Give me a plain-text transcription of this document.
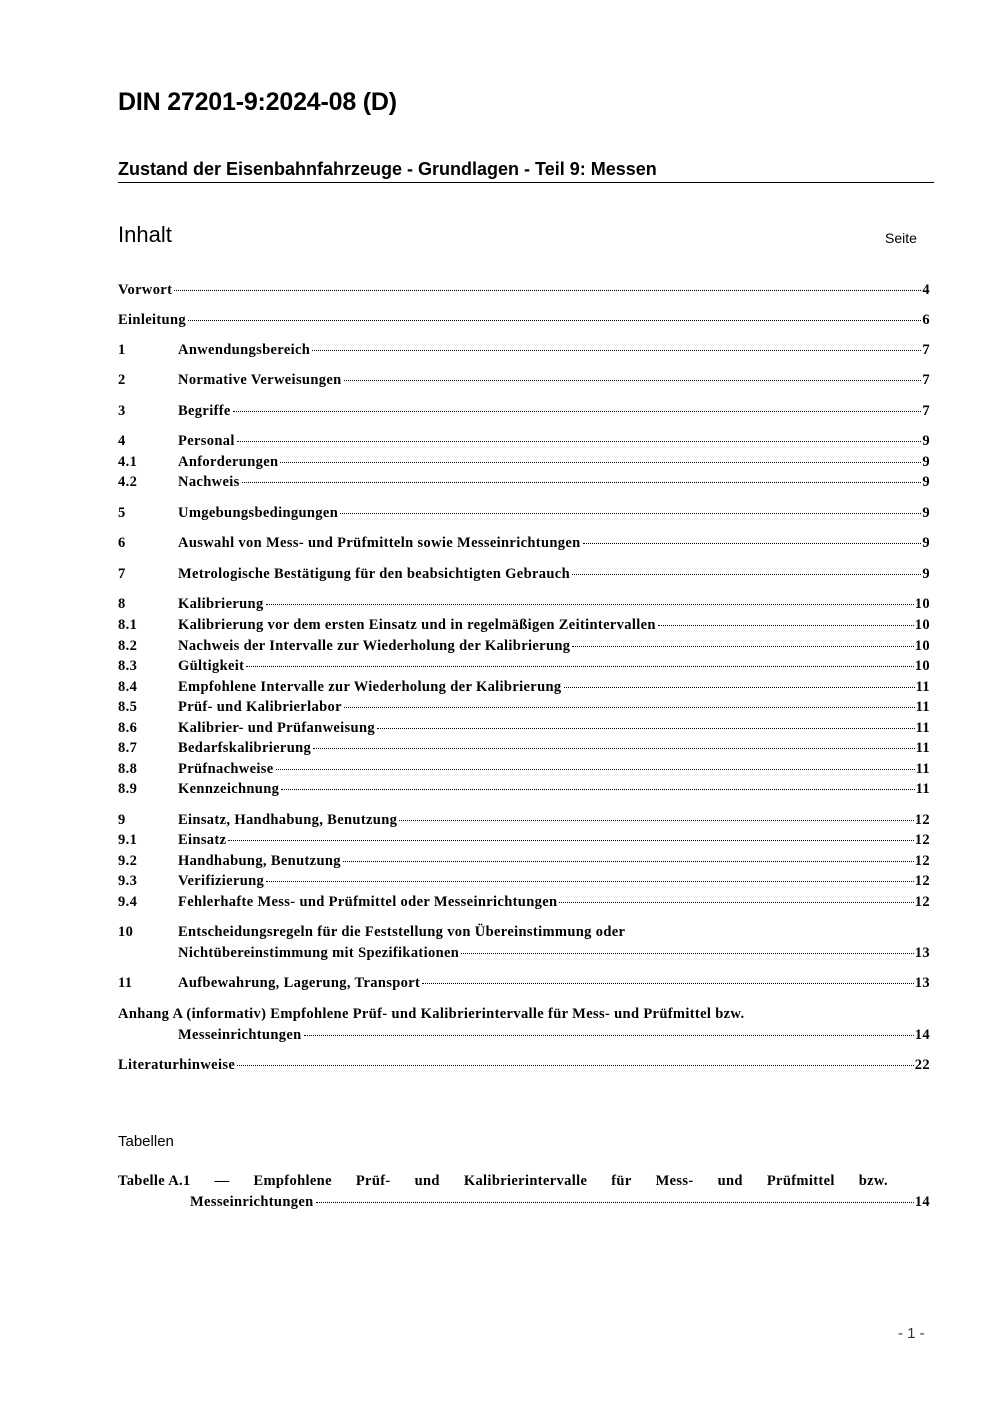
DIN 27201-9:2024-08 (D)
Zustand der Eisenbahnfahrzeuge - Grundlagen - Teil 9: Messen
Inhalt	Seite
Vorwort	4
Einleitung	6
1	Anwendungsbereich	7
2	Normative Verweisungen	7
3	Begriffe	7
4	Personal	9
4.1	Anforderungen	9
4.2	Nachweis	9
5	Umgebungsbedingungen	9
6	Auswahl von Mess- und Prüfmitteln sowie Messeinrichtungen	9
7	Metrologische Bestätigung für den beabsichtigten Gebrauch	9
8	Kalibrierung	10
8.1	Kalibrierung vor dem ersten Einsatz und in regelmäßigen Zeitintervallen	10
8.2	Nachweis der Intervalle zur Wiederholung der Kalibrierung	10
8.3	Gültigkeit	10
8.4	Empfohlene Intervalle zur Wiederholung der Kalibrierung	11
8.5	Prüf- und Kalibrierlabor	11
8.6	Kalibrier- und Prüfanweisung	11
8.7	Bedarfskalibrierung	11
8.8	Prüfnachweise	11
8.9	Kennzeichnung	11
9	Einsatz, Handhabung, Benutzung	12
9.1	Einsatz	12
9.2	Handhabung, Benutzung	12
9.3	Verifizierung	12
9.4	Fehlerhafte Mess- und Prüfmittel oder Messeinrichtungen	12
10	Entscheidungsregeln für die Feststellung von Übereinstimmung oder
Nichtübereinstimmung mit Spezifikationen	13
11	Aufbewahrung, Lagerung, Transport	13
Anhang A (informativ) Empfohlene Prüf- und Kalibrierintervalle für Mess- und Prüfmittel bzw.
Messeinrichtungen	14
Literaturhinweise	22
Tabellen
Tabelle A.1 — Empfohlene Prüf- und Kalibrierintervalle für Mess- und Prüfmittel bzw.
Messeinrichtungen	14
- 1 -
